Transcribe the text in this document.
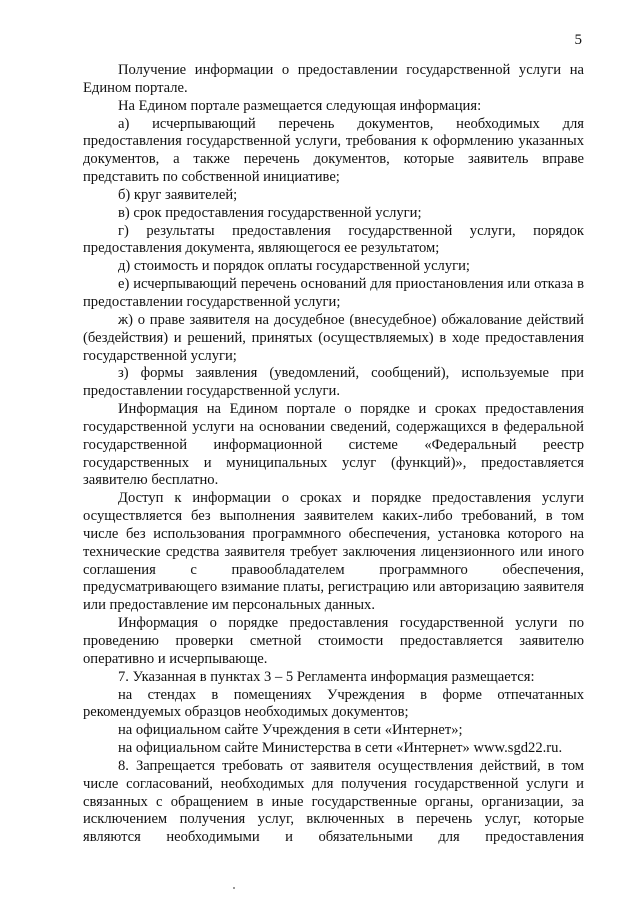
5

Получение информации о предоставлении государственной услуги на Едином портале.

На Едином портале размещается следующая информация:

а) исчерпывающий перечень документов, необходимых для предоставления государственной услуги, требования к оформлению указанных документов, а также перечень документов, которые заявитель вправе представить по собственной инициативе;

б) круг заявителей;

в) срок предоставления государственной услуги;

г) результаты предоставления государственной услуги, порядок предоставления документа, являющегося ее результатом;

д) стоимость и порядок оплаты государственной услуги;

е) исчерпывающий перечень оснований для приостановления или отказа в предоставлении государственной услуги;

ж) о праве заявителя на досудебное (внесудебное) обжалование действий (бездействия) и решений, принятых (осуществляемых) в ходе предоставления государственной услуги;

з) формы заявления (уведомлений, сообщений), используемые при предоставлении государственной услуги.

Информация на Едином портале о порядке и сроках предоставления государственной услуги на основании сведений, содержащихся в федеральной государственной информационной системе «Федеральный реестр государственных и муниципальных услуг (функций)», предоставляется заявителю бесплатно.

Доступ к информации о сроках и порядке предоставления услуги осуществляется без выполнения заявителем каких-либо требований, в том числе без использования программного обеспечения, установка которого на технические средства заявителя требует заключения лицензионного или иного соглашения с правообладателем программного обеспечения, предусматривающего взимание платы, регистрацию или авторизацию заявителя или предоставление им персональных данных.

Информация о порядке предоставления государственной услуги по проведению проверки сметной стоимости предоставляется заявителю оперативно и исчерпывающе.

7. Указанная в пунктах 3 – 5 Регламента информация размещается:

на стендах в помещениях Учреждения в форме отпечатанных рекомендуемых образцов необходимых документов;

на официальном сайте Учреждения в сети «Интернет»;

на официальном сайте Министерства в сети «Интернет» www.sgd22.ru.

8. Запрещается требовать от заявителя осуществления действий, в том числе согласований, необходимых для получения государственной услуги и связанных с обращением в иные государственные органы, организации, за исключением получения услуг, включенных в перечень услуг, которые являются необходимыми и обязательными для предоставления
